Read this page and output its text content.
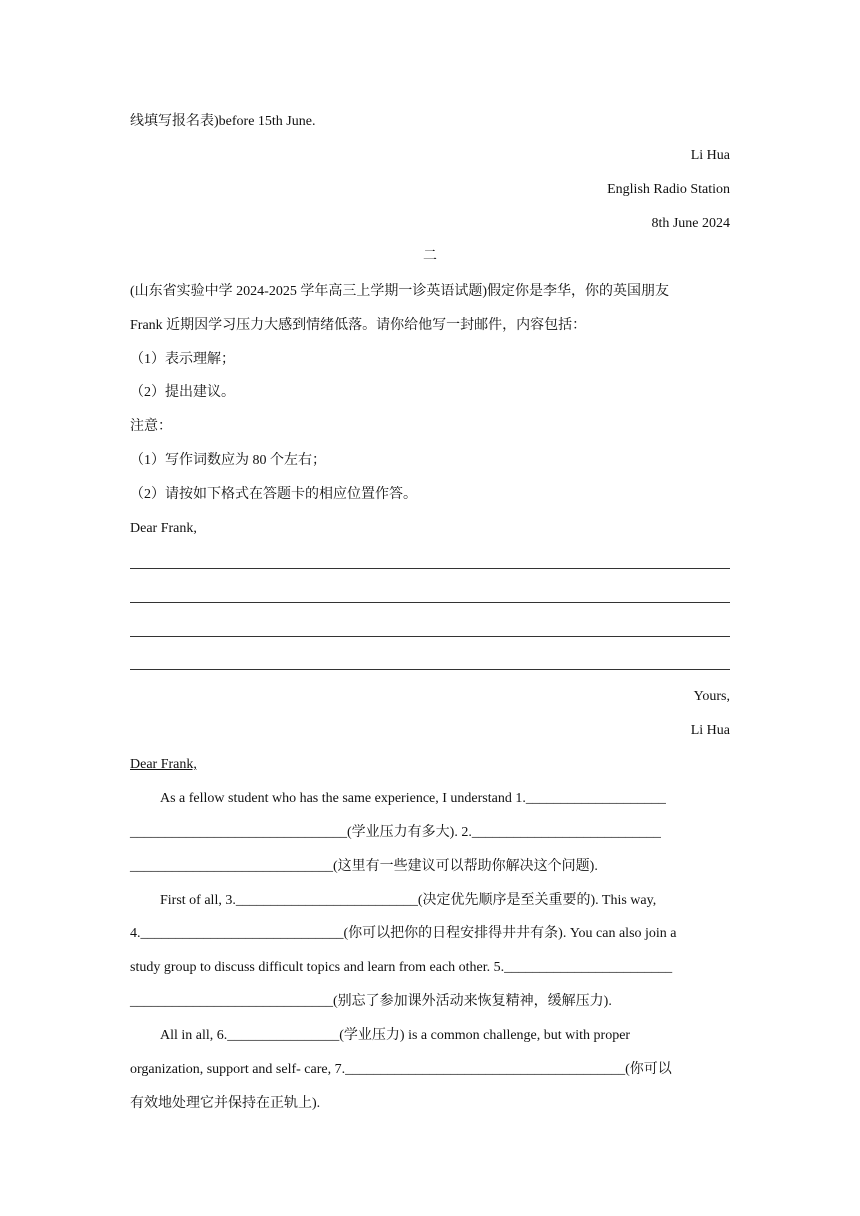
线填写报名表)before 15th June.
Li Hua
English Radio Station
8th June 2024
二
(山东省实验中学 2024-2025 学年高三上学期一诊英语试题)假定你是李华，你的英国朋友
Frank 近期因学习压力大感到情绪低落。请你给他写一封邮件，内容包括：
（1）表示理解；
（2）提出建议。
注意：
（1）写作词数应为 80 个左右；
（2）请按如下格式在答题卡的相应位置作答。
Dear Frank,
Yours,
Li Hua
Dear Frank,
As a fellow student who has the same experience, I understand 1.____________________
_______________________________(学业压力有多大). 2.___________________________
_____________________________(这里有一些建议可以帮助你解决这个问题).
First of all, 3.__________________________(决定优先顺序是至关重要的). This way,
4._____________________________(你可以把你的日程安排得井井有条). You can also join a
study group to discuss difficult topics and learn from each other. 5.________________________
_____________________________(别忘了参加课外活动来恢复精神，缓解压力).
All in all, 6.________________(学业压力) is a common challenge, but with proper
organization, support and self- care, 7.________________________________________(你可以
有效地处理它并保持在正轨上).
